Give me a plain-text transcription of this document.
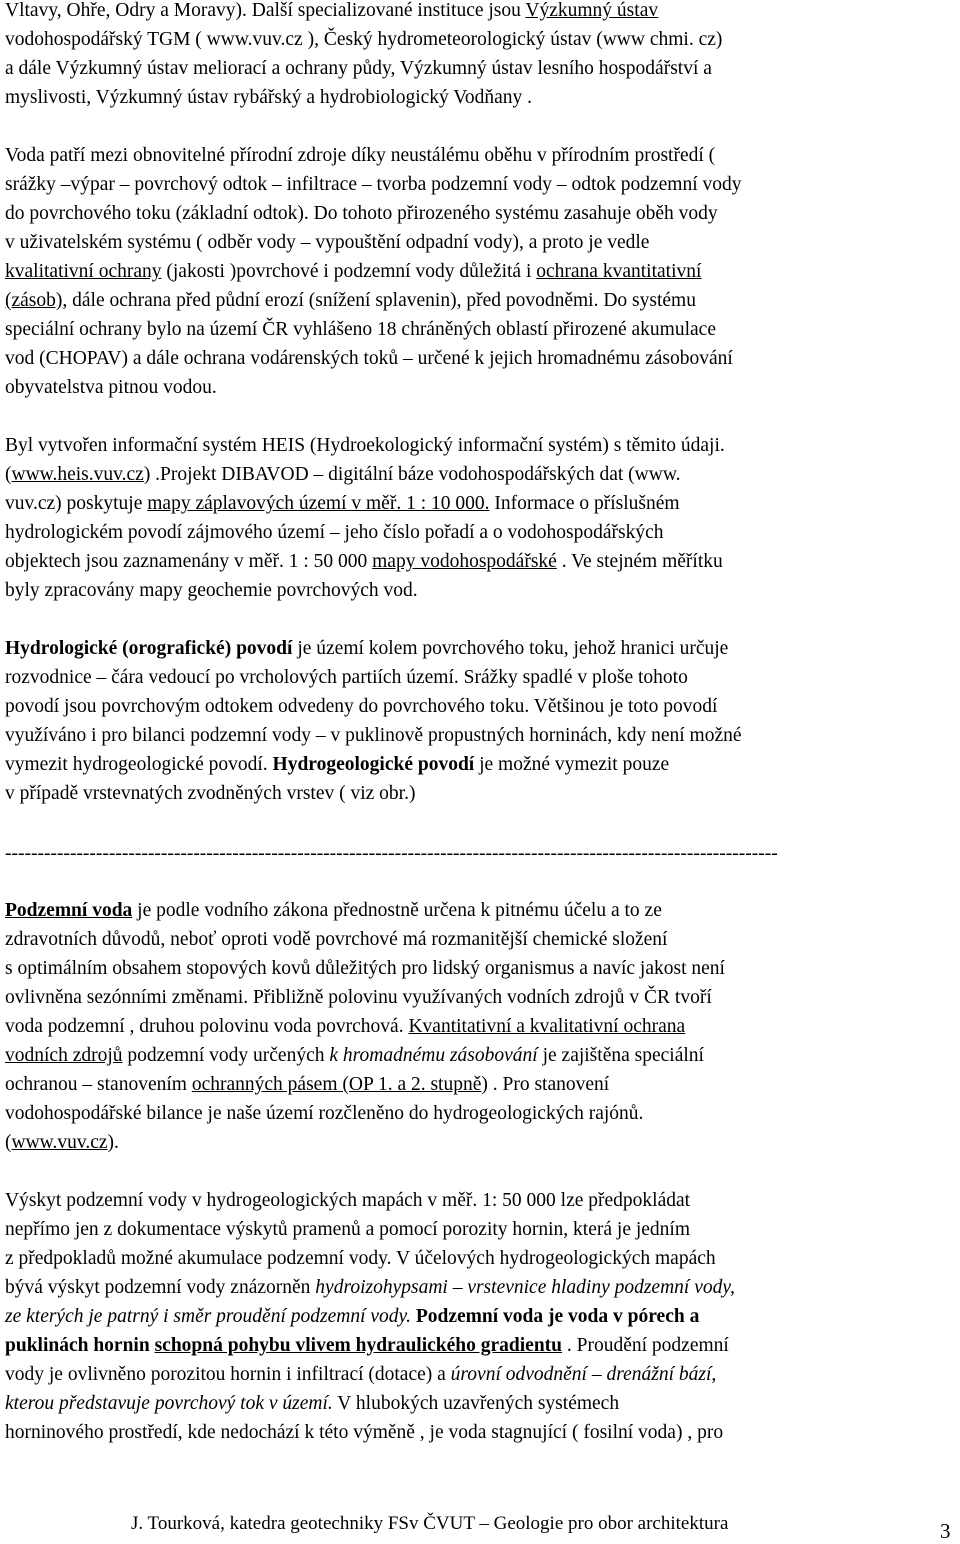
Vltavy, Ohře, Odry a Moravy). Další specializované instituce jsou Výzkumný ústav
vodohospodářský TGM ( www.vuv.cz ), Český hydrometeorologický ústav (www chmi. cz)
a dále Výzkumný ústav meliorací a ochrany půdy, Výzkumný ústav lesního hospodářství a
myslivosti, Výzkumný ústav rybářský a hydrobiologický Vodňany .
Voda patří mezi obnovitelné přírodní zdroje díky neustálému oběhu v přírodním prostředí (
srážky –výpar – povrchový odtok – infiltrace – tvorba podzemní vody – odtok podzemní vody
do povrchového toku (základní odtok). Do tohoto přirozeného systému zasahuje oběh vody
v uživatelském systému ( odběr vody – vypouštění odpadní vody), a proto je vedle
kvalitativní ochrany (jakosti )povrchové i podzemní vody důležitá i ochrana kvantitativní
(zásob), dále ochrana před půdní erozí (snížení splavenin), před povodněmi. Do systému
speciální ochrany bylo na území ČR vyhlášeno 18 chráněných oblastí přirozené akumulace
vod (CHOPAV) a dále ochrana vodárenských toků – určené k jejich hromadnému zásobování
obyvatelstva pitnou vodou.
Byl vytvořen informační systém HEIS (Hydroekologický informační systém) s těmito údaji.
(www.heis.vuv.cz) .Projekt DIBAVOD – digitální báze vodohospodářských dat (www.
vuv.cz) poskytuje mapy záplavových území v měř. 1 : 10 000. Informace o příslušném
hydrologickém povodí zájmového území – jeho číslo pořadí a o vodohospodářských
objektech jsou zaznamenány v měř. 1 : 50 000 mapy vodohospodářské . Ve stejném měřítku
byly zpracovány mapy geochemie povrchových vod.
Hydrologické (orografické) povodí je území kolem povrchového toku, jehož hranici určuje
rozvodnice – čára vedoucí po vrcholových partiích území. Srážky spadlé v ploše tohoto
povodí jsou povrchovým odtokem odvedeny do povrchového toku. Většinou je toto povodí
využíváno i pro bilanci podzemní vody – v puklinově propustných horninách, kdy není možné
vymezit hydrogeologické povodí. Hydrogeologické povodí je možné vymezit pouze
v případě vrstevnatých zvodněných vrstev ( viz obr.)
-----------------------------------------------------------------------------------------------------------------------
Podzemní voda je podle vodního zákona přednostně určena k pitnému účelu a to ze
zdravotních důvodů, neboť oproti vodě povrchové má rozmanitější chemické složení
s optimálním obsahem stopových kovů důležitých pro lidský organismus a navíc jakost není
ovlivněna sezónními změnami. Přibližně polovinu využívaných vodních zdrojů v ČR tvoří
voda podzemní , druhou polovinu voda povrchová. Kvantitativní a kvalitativní ochrana
vodních zdrojů podzemní vody určených k hromadnému zásobování je zajištěna speciální
ochranou – stanovením ochranných pásem (OP 1. a 2. stupně) . Pro stanovení
vodohospodářské bilance je naše území rozčleněno do hydrogeologických rajónů.
(www.vuv.cz).
Výskyt podzemní vody v hydrogeologických mapách v měř. 1: 50 000 lze předpokládat
nepřímo jen z dokumentace výskytů pramenů a pomocí porozity hornin, která je jedním
z předpokladů možné akumulace podzemní vody. V účelových hydrogeologických mapách
bývá výskyt podzemní vody znázorněn hydroizohypsami – vrstevnice hladiny podzemní vody,
ze kterých je patrný i směr proudění podzemní vody. Podzemní voda je voda v pórech a
puklinách hornin schopná pohybu vlivem hydraulického gradientu . Proudění podzemní
vody je ovlivněno porozitou hornin i infiltrací (dotace) a úrovní odvodnění – drenážní bází,
kterou představuje povrchový tok v území. V hlubokých uzavřených systémech
horninového prostředí, kde nedochází k této výměně , je voda stagnující ( fosilní voda) , pro
J. Tourková, katedra geotechniky FSv ČVUT – Geologie pro obor architektura	3
